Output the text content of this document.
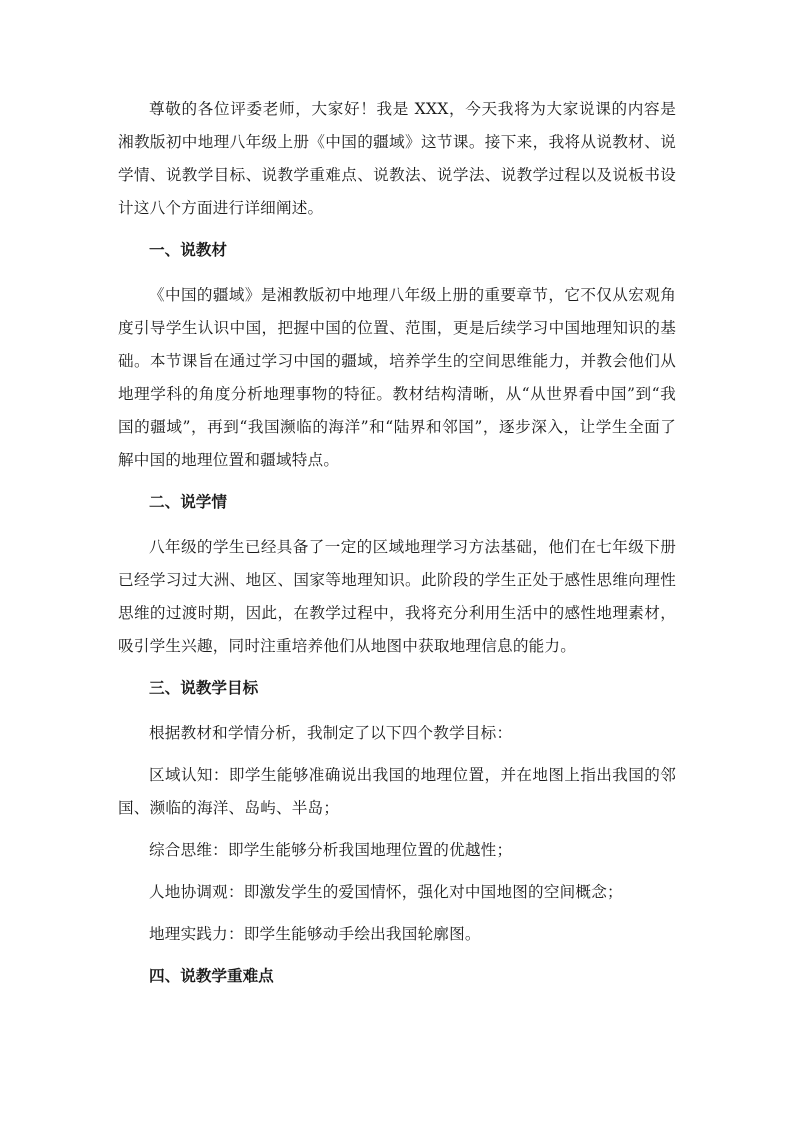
尊敬的各位评委老师，大家好！我是 XXX，今天我将为大家说课的内容是湘教版初中地理八年级上册《中国的疆域》这节课。接下来，我将从说教材、说学情、说教学目标、说教学重难点、说教法、说学法、说教学过程以及说板书设计这八个方面进行详细阐述。

一、说教材

《中国的疆域》是湘教版初中地理八年级上册的重要章节，它不仅从宏观角度引导学生认识中国，把握中国的位置、范围，更是后续学习中国地理知识的基础。本节课旨在通过学习中国的疆域，培养学生的空间思维能力，并教会他们从地理学科的角度分析地理事物的特征。教材结构清晰，从“从世界看中国”到“我国的疆域”，再到“我国濒临的海洋”和“陆界和邻国”，逐步深入，让学生全面了解中国的地理位置和疆域特点。

二、说学情

八年级的学生已经具备了一定的区域地理学习方法基础，他们在七年级下册已经学习过大洲、地区、国家等地理知识。此阶段的学生正处于感性思维向理性思维的过渡时期，因此，在教学过程中，我将充分利用生活中的感性地理素材，吸引学生兴趣，同时注重培养他们从地图中获取地理信息的能力。

三、说教学目标

根据教材和学情分析，我制定了以下四个教学目标：

区域认知：即学生能够准确说出我国的地理位置，并在地图上指出我国的邻国、濒临的海洋、岛屿、半岛；

综合思维：即学生能够分析我国地理位置的优越性；

人地协调观：即激发学生的爱国情怀，强化对中国地图的空间概念；

地理实践力：即学生能够动手绘出我国轮廓图。

四、说教学重难点
